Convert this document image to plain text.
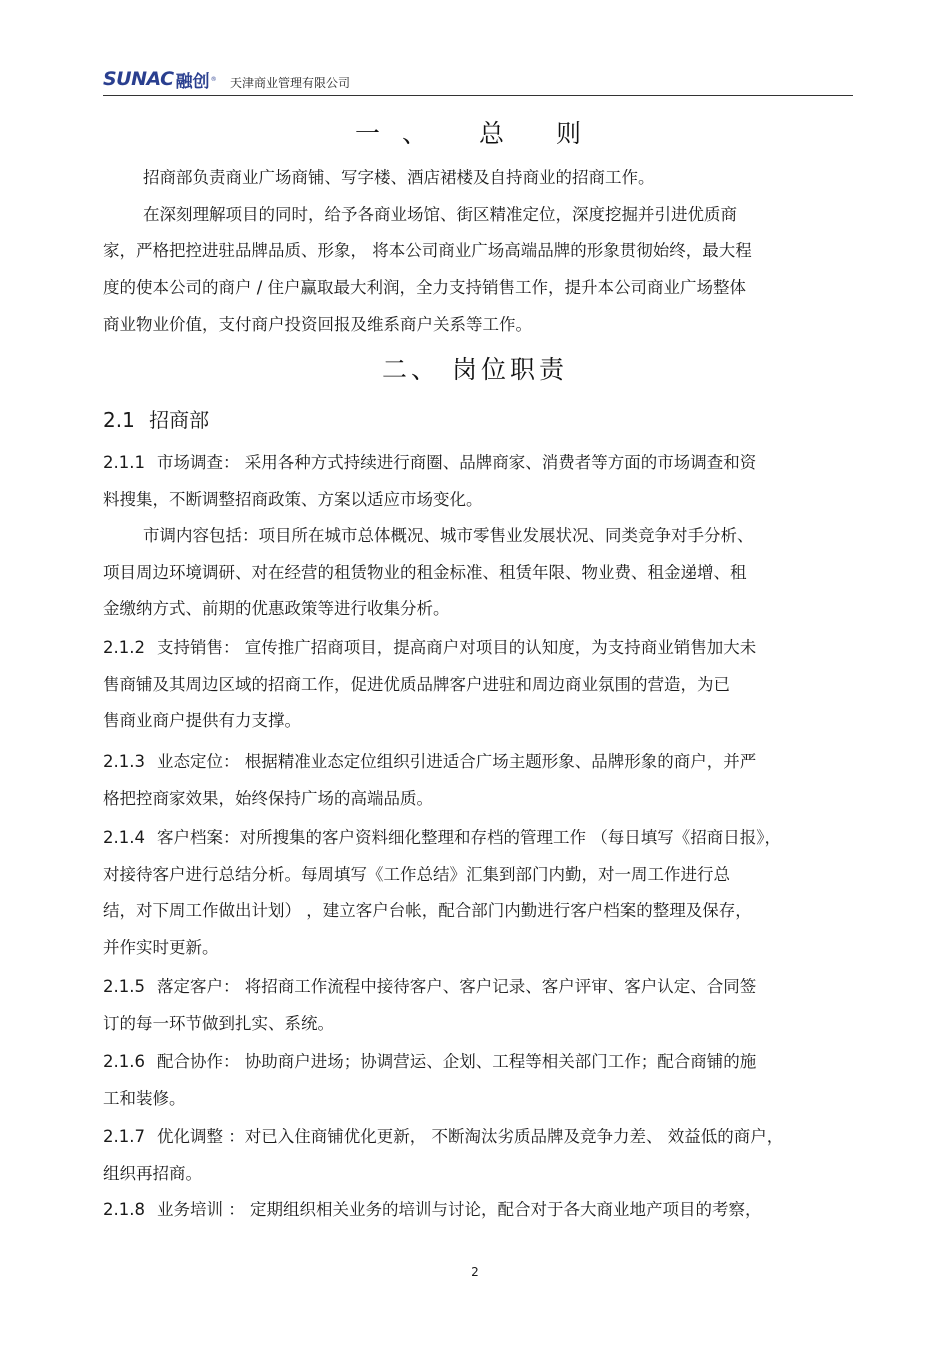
SUNAC 融创 ® 天津商业管理有限公司
一、 总 则
招商部负责商业广场商铺、写字楼、酒店裙楼及自持商业的招商工作。
在深刻理解项目的同时，给予各商业场馆、街区精准定位，深度挖掘并引进优质商
家，严格把控进驻品牌品质、形象， 将本公司商业广场高端品牌的形象贯彻始终，最大程
度的使本公司的商户 / 住户赢取最大利润，全力支持销售工作，提升本公司商业广场整体
商业物业价值，支付商户投资回报及维系商户关系等工作。
二、 岗位职责
2.1 招商部
2.1.1 市场调查： 采用各种方式持续进行商圈、品牌商家、消费者等方面的市场调查和资
料搜集，不断调整招商政策、方案以适应市场变化。
市调内容包括：项目所在城市总体概况、城市零售业发展状况、同类竞争对手分析、
项目周边环境调研、对在经营的租赁物业的租金标准、租赁年限、物业费、租金递增、租
金缴纳方式、前期的优惠政策等进行收集分析。
2.1.2 支持销售： 宣传推广招商项目，提高商户对项目的认知度，为支持商业销售加大未
售商铺及其周边区域的招商工作，促进优质品牌客户进驻和周边商业氛围的营造，为已
售商业商户提供有力支撑。
2.1.3 业态定位： 根据精准业态定位组织引进适合广场主题形象、品牌形象的商户，并严
格把控商家效果，始终保持广场的高端品质。
2.1.4 客户档案：对所搜集的客户资料细化整理和存档的管理工作 （每日填写《招商日报》，
对接待客户进行总结分析。每周填写《工作总结》汇集到部门内勤，对一周工作进行总
结，对下周工作做出计划） ，建立客户台帐，配合部门内勤进行客户档案的整理及保存，
并作实时更新。
2.1.5 落定客户： 将招商工作流程中接待客户、客户记录、客户评审、客户认定、合同签
订的每一环节做到扎实、系统。
2.1.6 配合协作： 协助商户进场；协调营运、企划、工程等相关部门工作；配合商铺的施
工和装修。
2.1.7 优化调整 ：对已入住商铺优化更新， 不断淘汰劣质品牌及竞争力差、 效益低的商户，
组织再招商。
2.1.8 业务培训 ： 定期组织相关业务的培训与讨论，配合对于各大商业地产项目的考察，
2
